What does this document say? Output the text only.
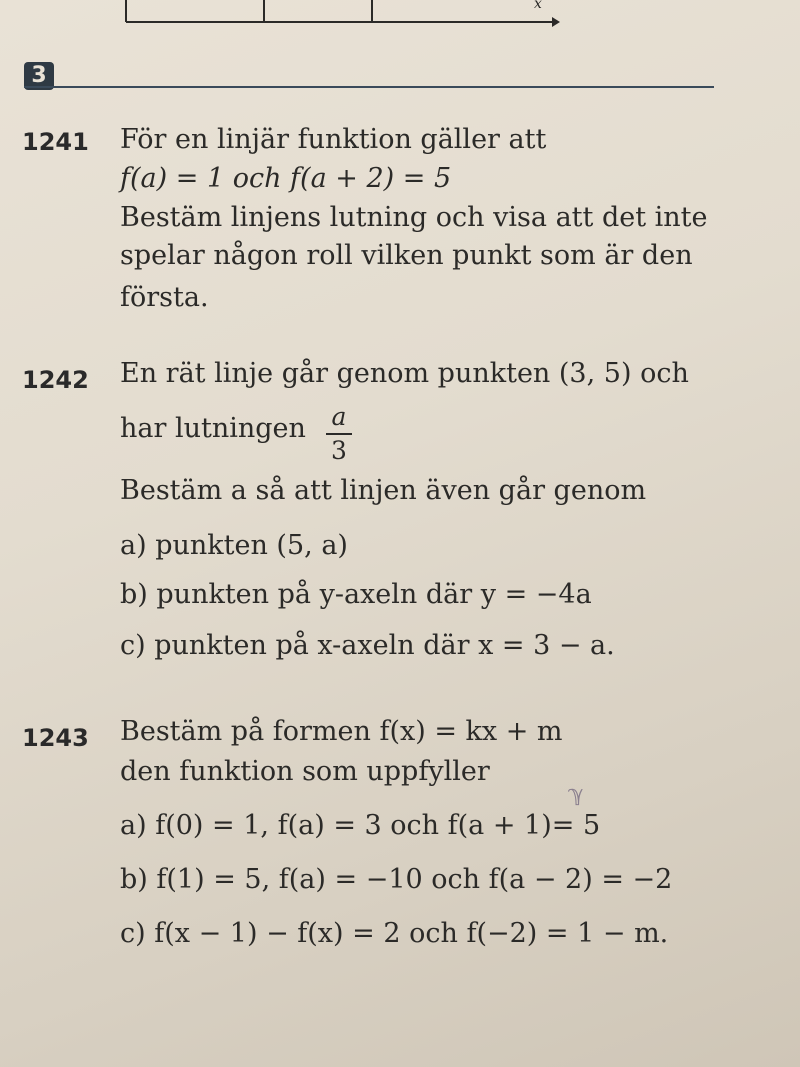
x
3
1241 För en linjär funktion gäller att
f(a) = 1 och f(a + 2) = 5
Bestäm linjens lutning och visa att det inte
spelar någon roll vilken punkt som är den
första.
1242 En rät linje går genom punkten (3, 5) och
har lutningen a
3
Bestäm a så att linjen även går genom
a) punkten (5, a)
b) punkten på y-axeln där y = −4a
c) punkten på x-axeln där x = 3 − a.
1243 Bestäm på formen f(x) = kx + m
den funktion som uppfyller
a) f(0) = 1, f(a) = 3 och f(a + 1)= 5
b) f(1) = 5, f(a) = −10 och f(a − 2) = −2
c) f(x − 1) − f(x) = 2 och f(−2) = 1 − m.
ℽ
